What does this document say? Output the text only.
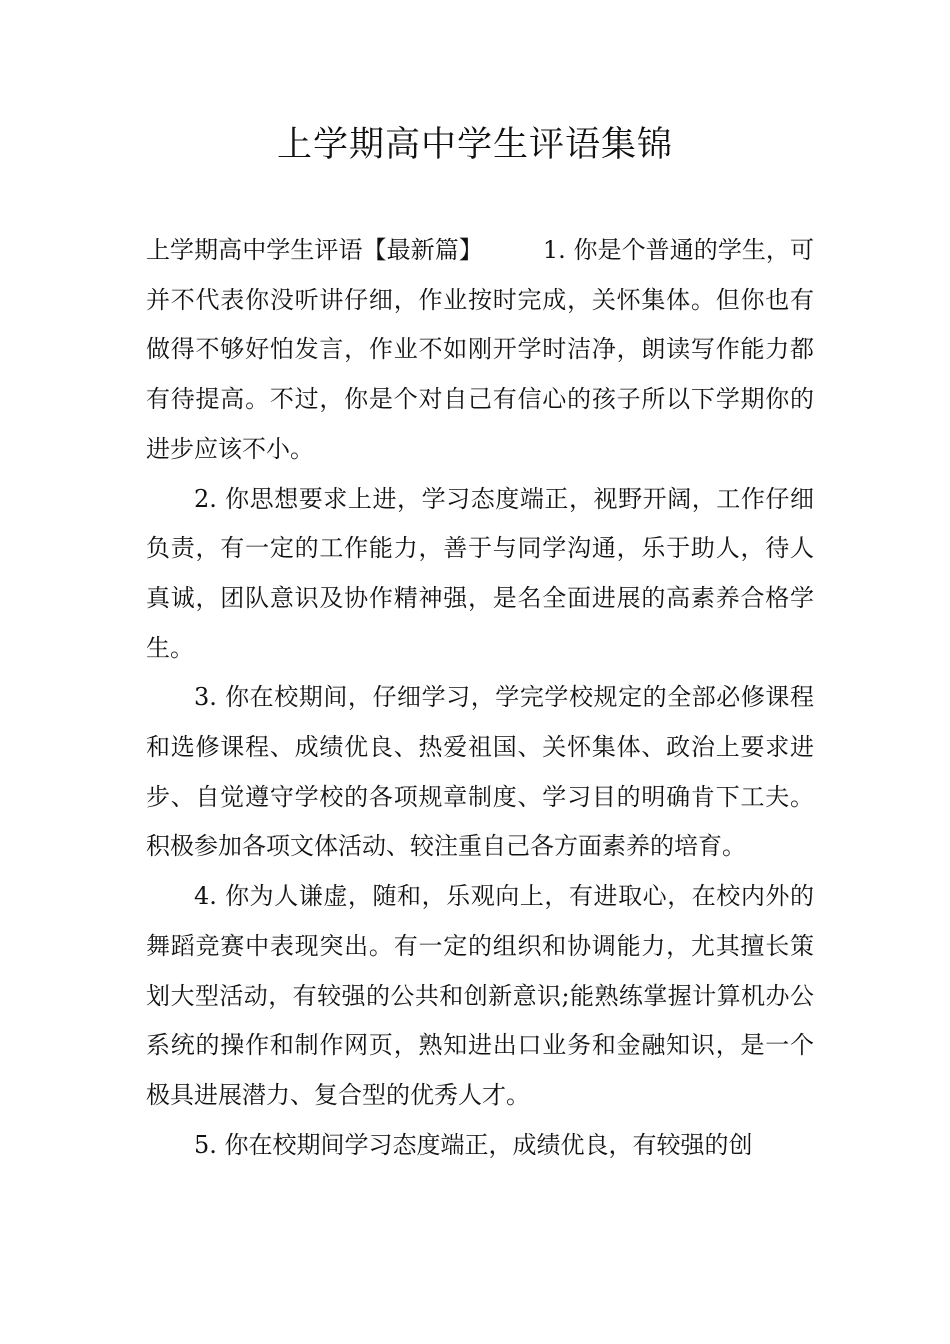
上学期高中学生评语集锦

上学期高中学生评语【最新篇】	1. 你是个普通的学生，可并不代表你没听讲仔细，作业按时完成，关怀集体。但你也有做得不够好怕发言，作业不如刚开学时洁净，朗读写作能力都有待提高。不过，你是个对自己有信心的孩子所以下学期你的进步应该不小。

2. 你思想要求上进，学习态度端正，视野开阔，工作仔细负责，有一定的工作能力，善于与同学沟通，乐于助人，待人真诚，团队意识及协作精神强，是名全面进展的高素养合格学生。

3. 你在校期间，仔细学习，学完学校规定的全部必修课程和选修课程、成绩优良、热爱祖国、关怀集体、政治上要求进步、自觉遵守学校的各项规章制度、学习目的明确肯下工夫。积极参加各项文体活动、较注重自己各方面素养的培育。

4. 你为人谦虚，随和，乐观向上，有进取心，在校内外的舞蹈竞赛中表现突出。有一定的组织和协调能力，尤其擅长策划大型活动，有较强的公共和创新意识;能熟练掌握计算机办公系统的操作和制作网页，熟知进出口业务和金融知识，是一个极具进展潜力、复合型的优秀人才。

5. 你在校期间学习态度端正，成绩优良，有较强的创
